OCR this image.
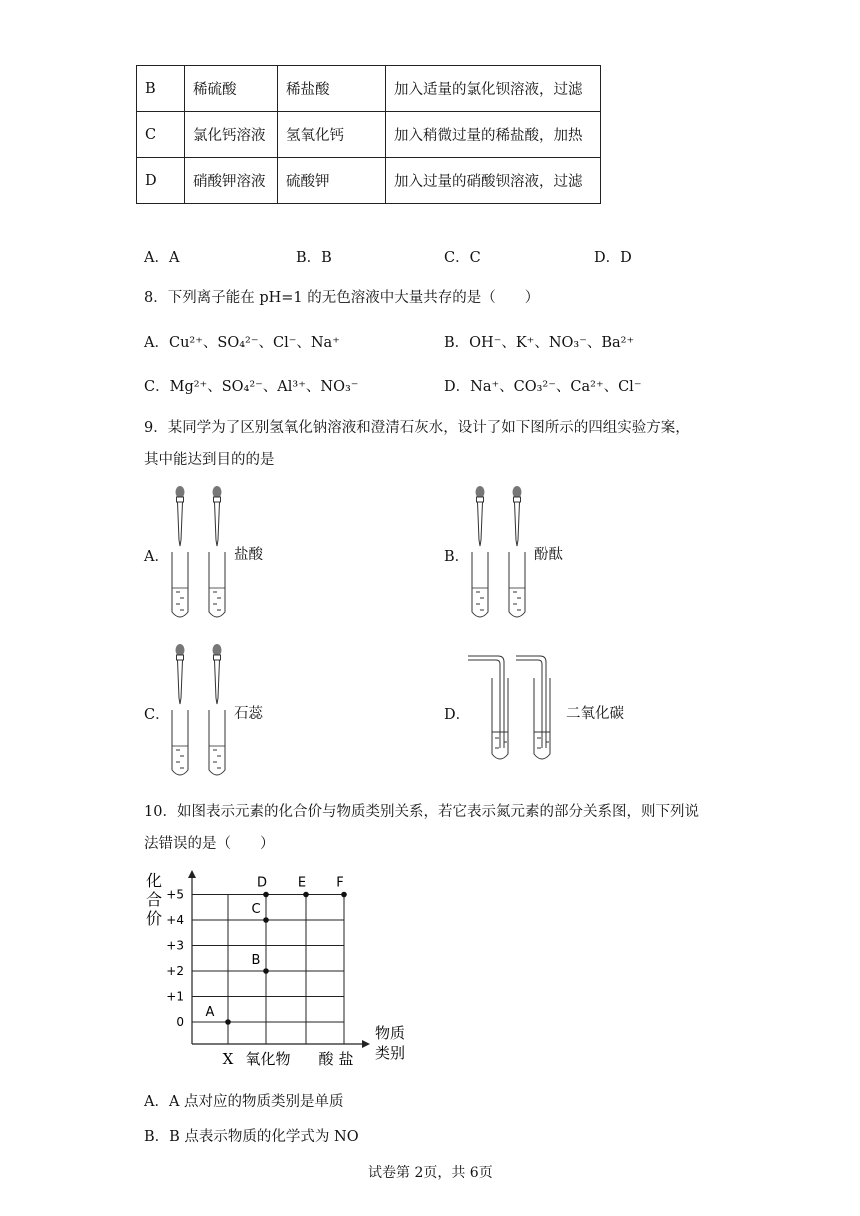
B	稀硫酸	稀盐酸	加入适量的氯化钡溶液，过滤
C	氯化钙溶液	氢氧化钙	加入稍微过量的稀盐酸，加热
D	硝酸钾溶液	硫酸钾	加入过量的硝酸钡溶液，过滤
A．A	B．B	C．C	D．D
8．下列离子能在 pH=1 的无色溶液中大量共存的是（　　）
A．Cu²⁺、SO₄²⁻、Cl⁻、Na⁺	B．OH⁻、K⁺、NO₃⁻、Ba²⁺
C．Mg²⁺、SO₄²⁻、Al³⁺、NO₃⁻	D．Na⁺、CO₃²⁻、Ca²⁺、Cl⁻
9．某同学为了区别氢氧化钠溶液和澄清石灰水，设计了如下图所示的四组实验方案，
其中能达到目的的是
A．	盐酸	B．	酚酞
C．	石蕊	D．	二氧化碳
10．如图表示元素的化合价与物质类别关系，若它表示氮元素的部分关系图，则下列说
法错误的是（　　）
0
+1
+2
+3
+4
+5
化
合
价
X 氧化物 酸 盐
物质
类别
A
B
C
D E F
A．A 点对应的物质类别是单质
B．B 点表示物质的化学式为 NO
试卷第 2页，共 6页
